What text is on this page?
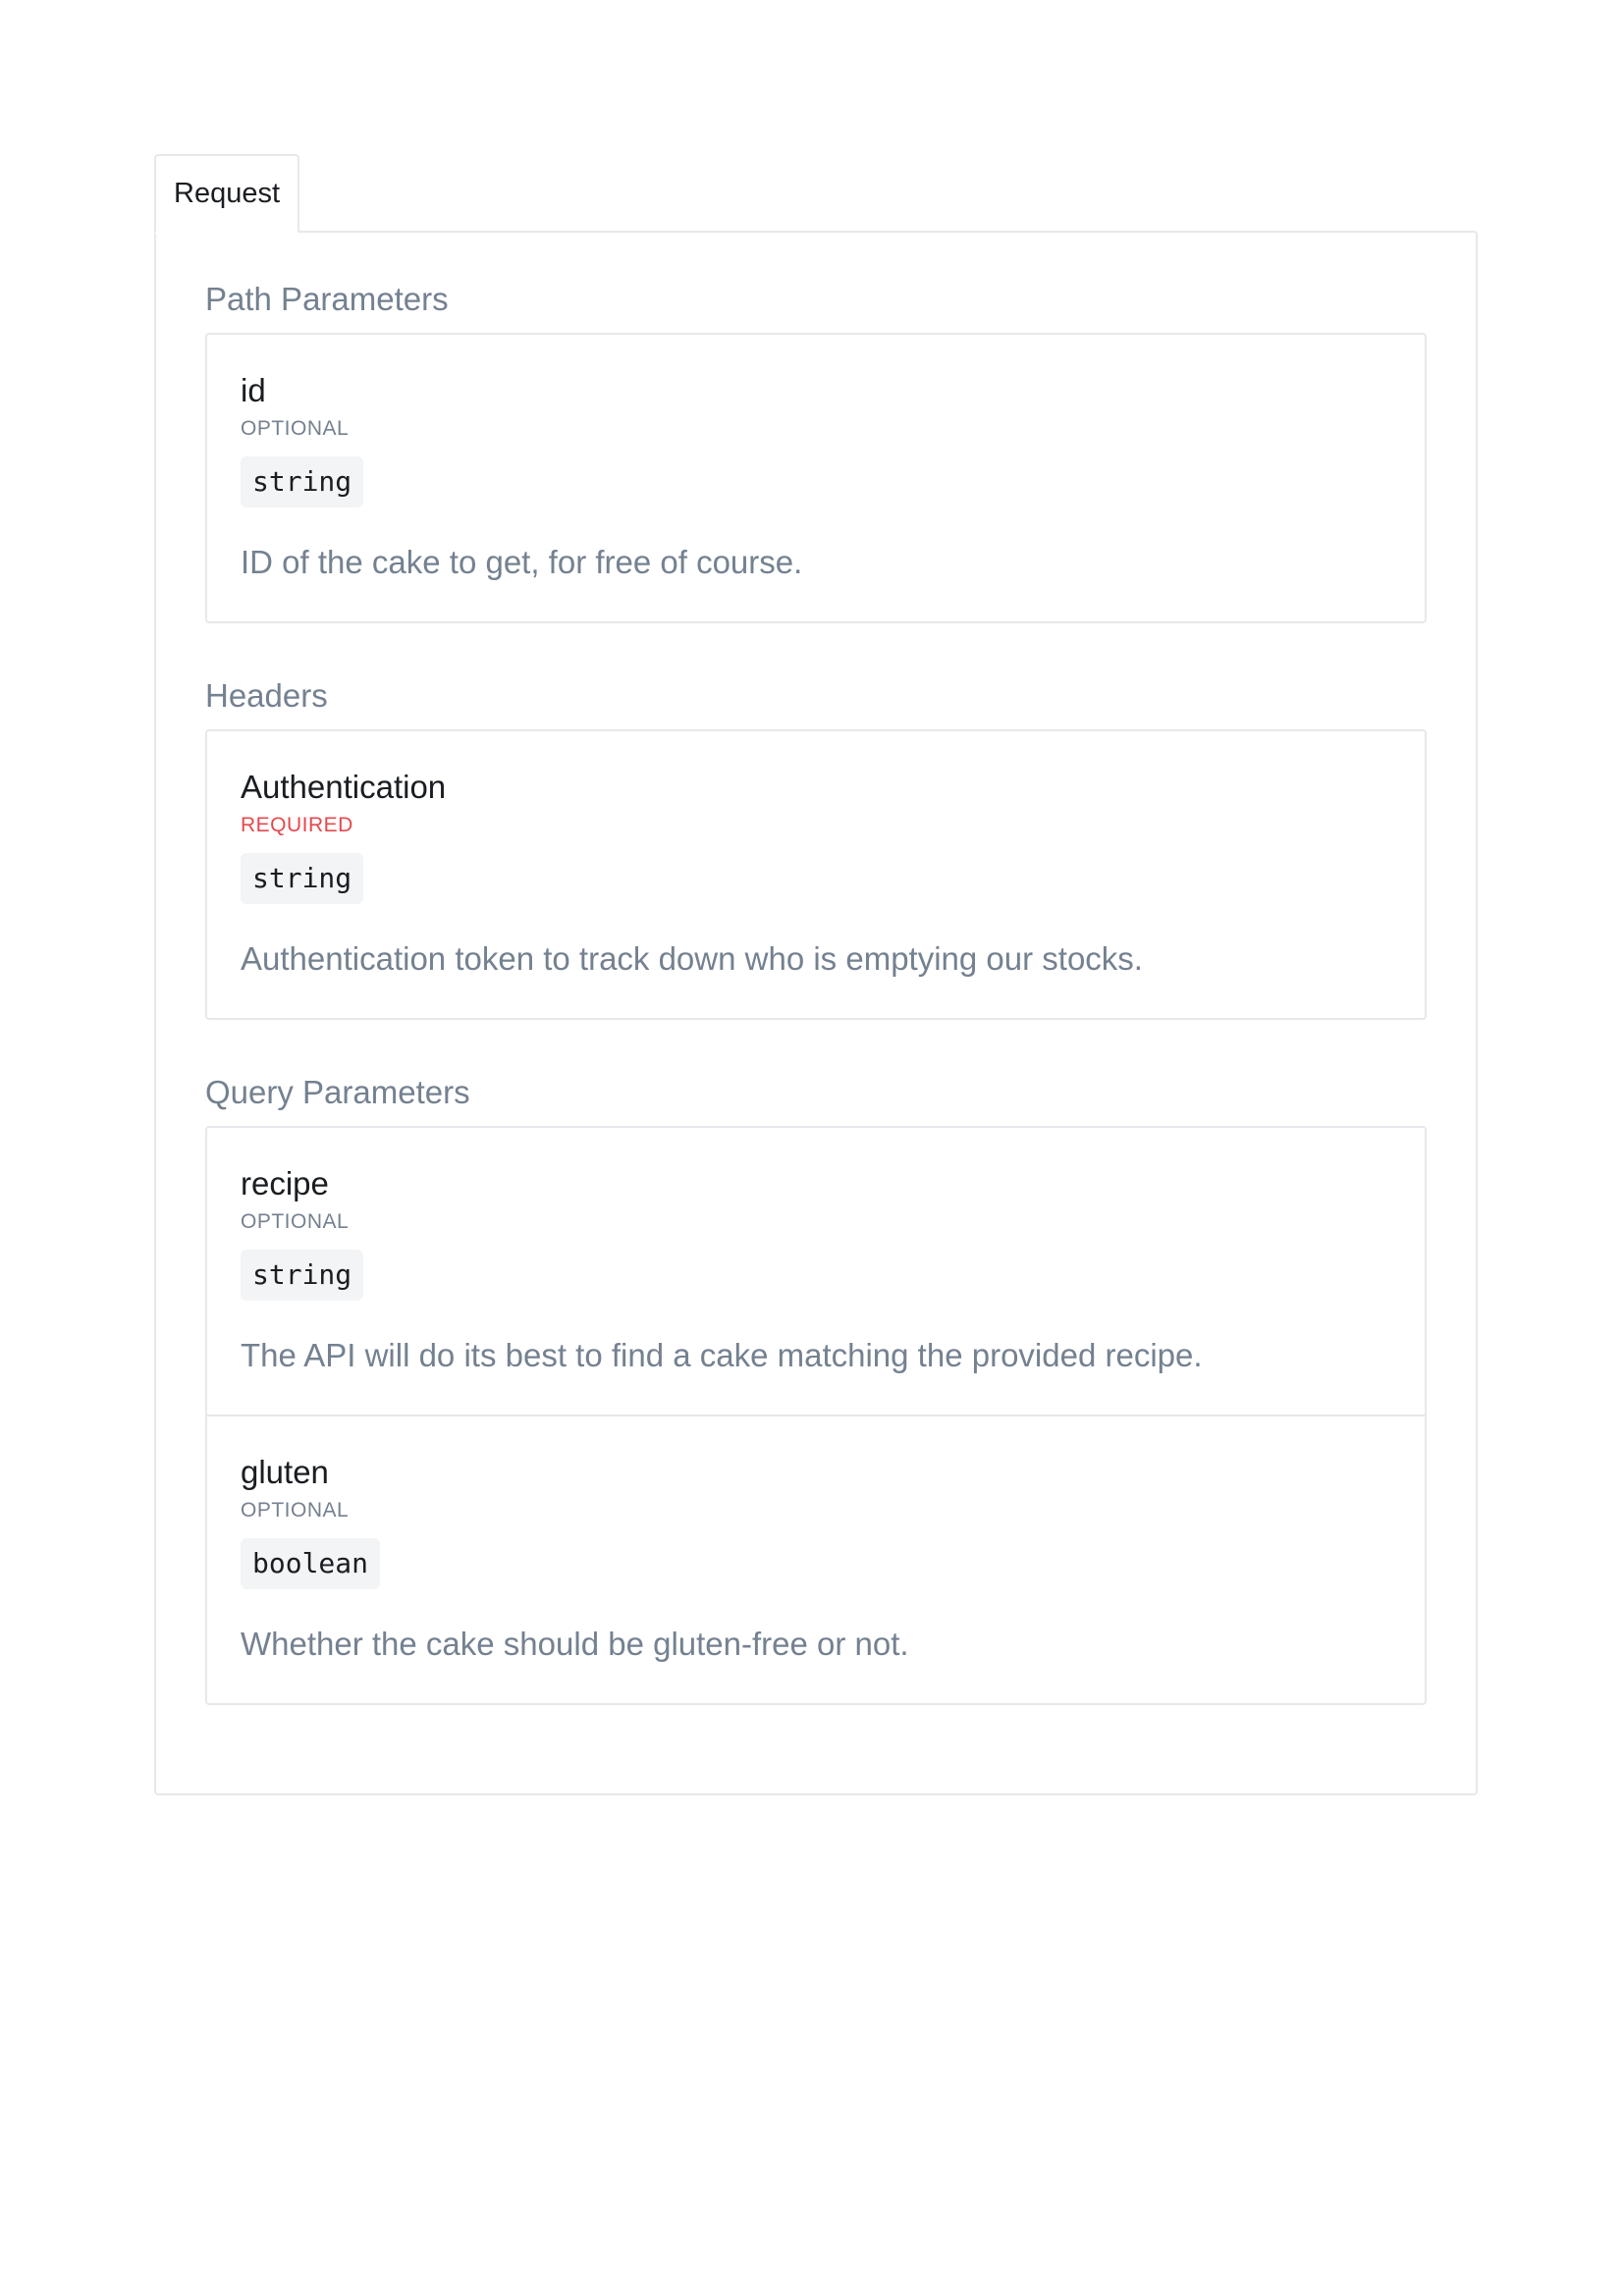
Request
Path Parameters
id
OPTIONAL
string
ID of the cake to get, for free of course.
Headers
Authentication
REQUIRED
string
Authentication token to track down who is emptying our stocks.
Query Parameters
recipe
OPTIONAL
string
The API will do its best to find a cake matching the provided recipe.
gluten
OPTIONAL
boolean
Whether the cake should be gluten-free or not.
